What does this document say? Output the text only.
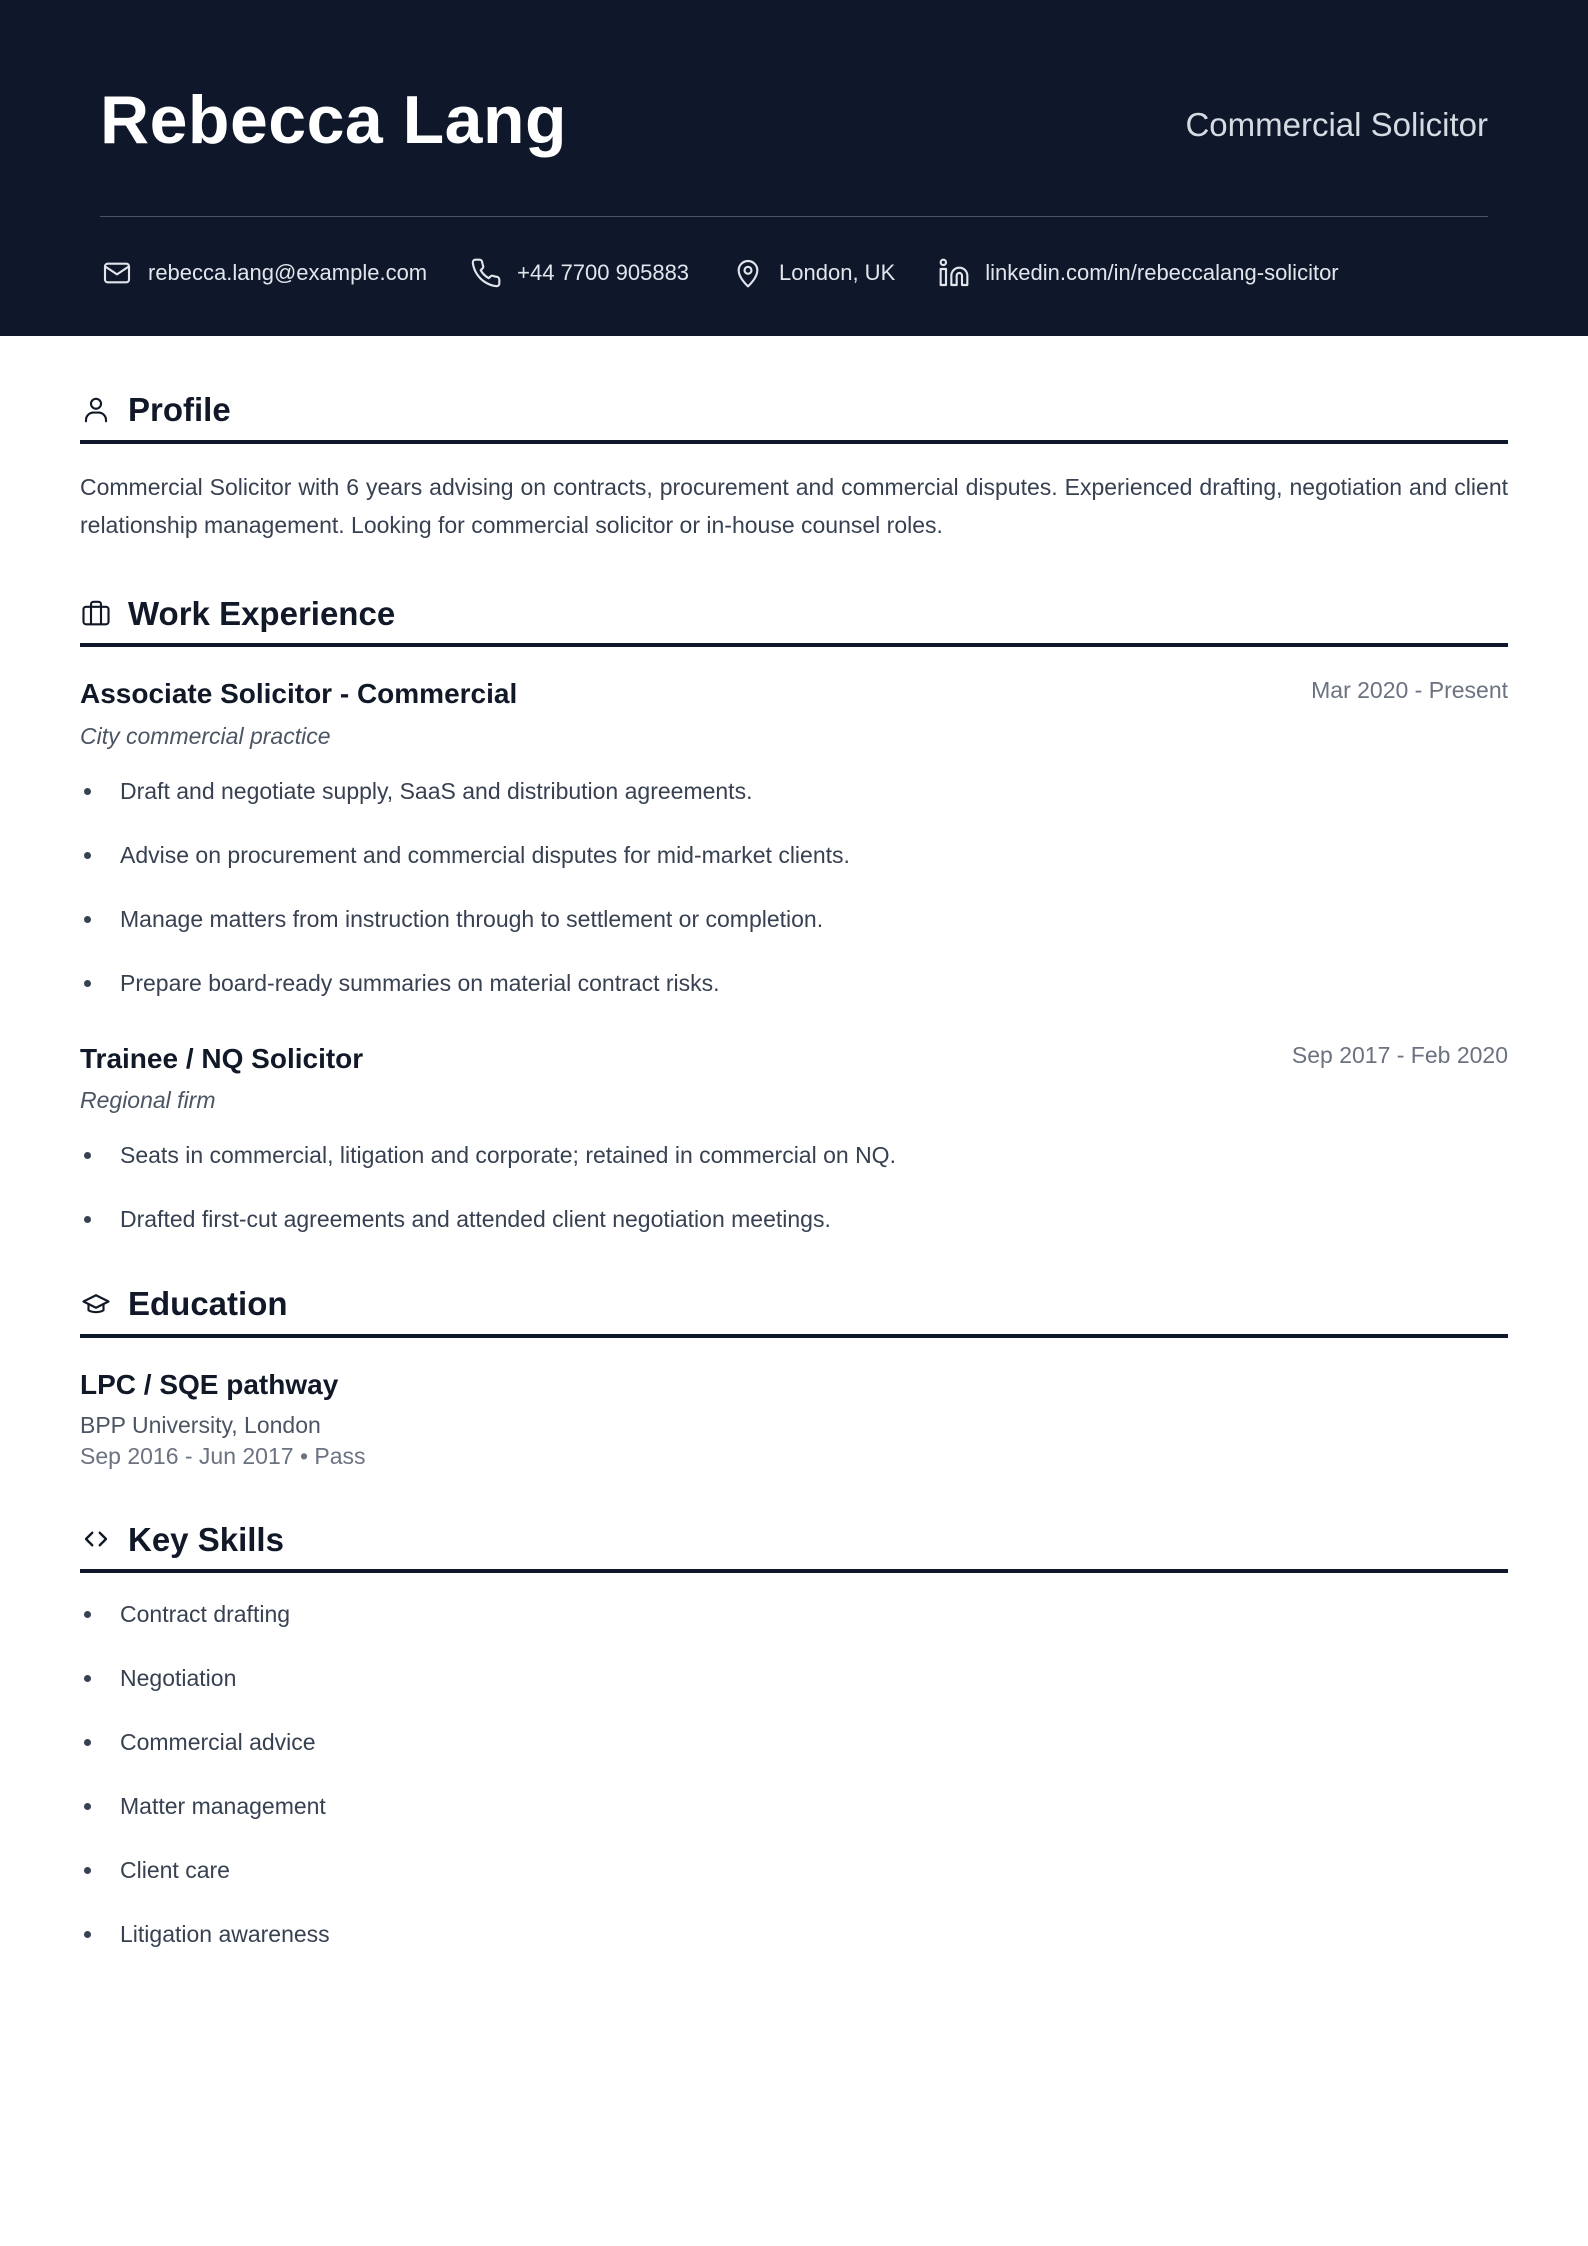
Rebecca Lang	Commercial Solicitor
rebecca.lang@example.com	+44 7700 905883	London, UK	linkedin.com/in/rebeccalang-solicitor
Profile

Commercial Solicitor with 6 years advising on contracts, procurement and commercial disputes. Experienced drafting, negotiation and client relationship management. Looking for commercial solicitor or in-house counsel roles.

Work Experience
Associate Solicitor - Commercial	Mar 2020 - Present
City commercial practice
Draft and negotiate supply, SaaS and distribution agreements.
Advise on procurement and commercial disputes for mid-market clients.
Manage matters from instruction through to settlement or completion.
Prepare board-ready summaries on material contract risks.
Trainee / NQ Solicitor	Sep 2017 - Feb 2020
Regional firm
Seats in commercial, litigation and corporate; retained in commercial on NQ.
Drafted first-cut agreements and attended client negotiation meetings.
Education
LPC / SQE pathway
BPP University, London
Sep 2016 - Jun 2017 • Pass
Key Skills
Contract drafting
Negotiation
Commercial advice
Matter management
Client care
Litigation awareness
